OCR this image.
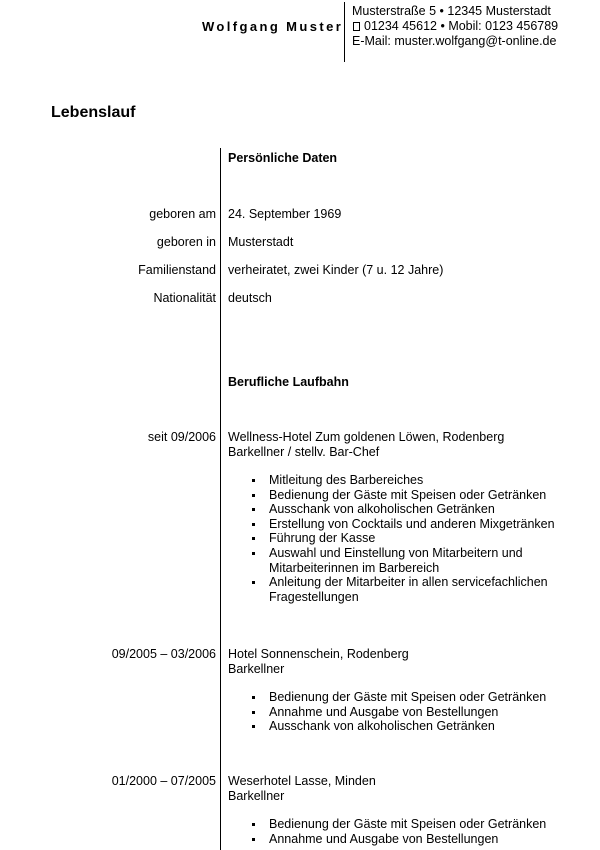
Wolfgang Muster
Musterstraße 5 • 12345 Musterstadt
01234 45612 • Mobil: 0123 456789
E-Mail: muster.wolfgang@t-online.de
Lebenslauf
Persönliche Daten
geboren am 24. September 1969
geboren in Musterstadt
Familienstand verheiratet, zwei Kinder (7 u. 12 Jahre)
Nationalität deutsch
Berufliche Laufbahn
seit 09/2006 Wellness-Hotel Zum goldenen Löwen, Rodenberg
Barkellner / stellv. Bar-Chef
Mitleitung des Barbereiches
Bedienung der Gäste mit Speisen oder Getränken
Ausschank von alkoholischen Getränken
Erstellung von Cocktails und anderen Mixgetränken
Führung der Kasse
Auswahl und Einstellung von Mitarbeitern und Mitarbeiterinnen im Barbereich
Anleitung der Mitarbeiter in allen servicefachlichen Fragestellungen
09/2005 – 03/2006 Hotel Sonnenschein, Rodenberg
Barkellner
Bedienung der Gäste mit Speisen oder Getränken
Annahme und Ausgabe von Bestellungen
Ausschank von alkoholischen Getränken
01/2000 – 07/2005 Weserhotel Lasse, Minden
Barkellner
Bedienung der Gäste mit Speisen oder Getränken
Annahme und Ausgabe von Bestellungen
